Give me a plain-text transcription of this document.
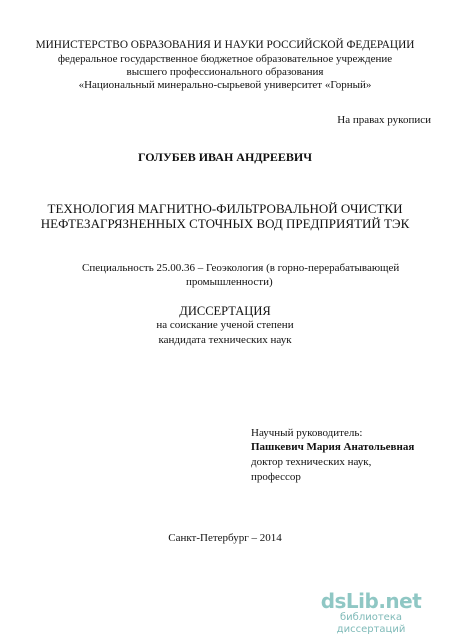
МИНИСТЕРСТВО ОБРАЗОВАНИЯ И НАУКИ РОССИЙСКОЙ ФЕДЕРАЦИИ
федеральное государственное бюджетное образовательное учреждение
высшего профессионального образования
«Национальный минерально-сырьевой университет «Горный»
На правах рукописи
ГОЛУБЕВ ИВАН АНДРЕЕВИЧ
ТЕХНОЛОГИЯ МАГНИТНО-ФИЛЬТРОВАЛЬНОЙ ОЧИСТКИ
НЕФТЕЗАГРЯЗНЕННЫХ СТОЧНЫХ ВОД ПРЕДПРИЯТИЙ ТЭК
Специальность 25.00.36 – Геоэкология (в горно-перерабатывающей
промышленности)
ДИССЕРТАЦИЯ
на соискание ученой степени
кандидата технических наук
Научный руководитель:
Пашкевич Мария Анатольевная
доктор технических наук,
профессор
Санкт-Петербург – 2014
dsLib.net
библиотека диссертаций
